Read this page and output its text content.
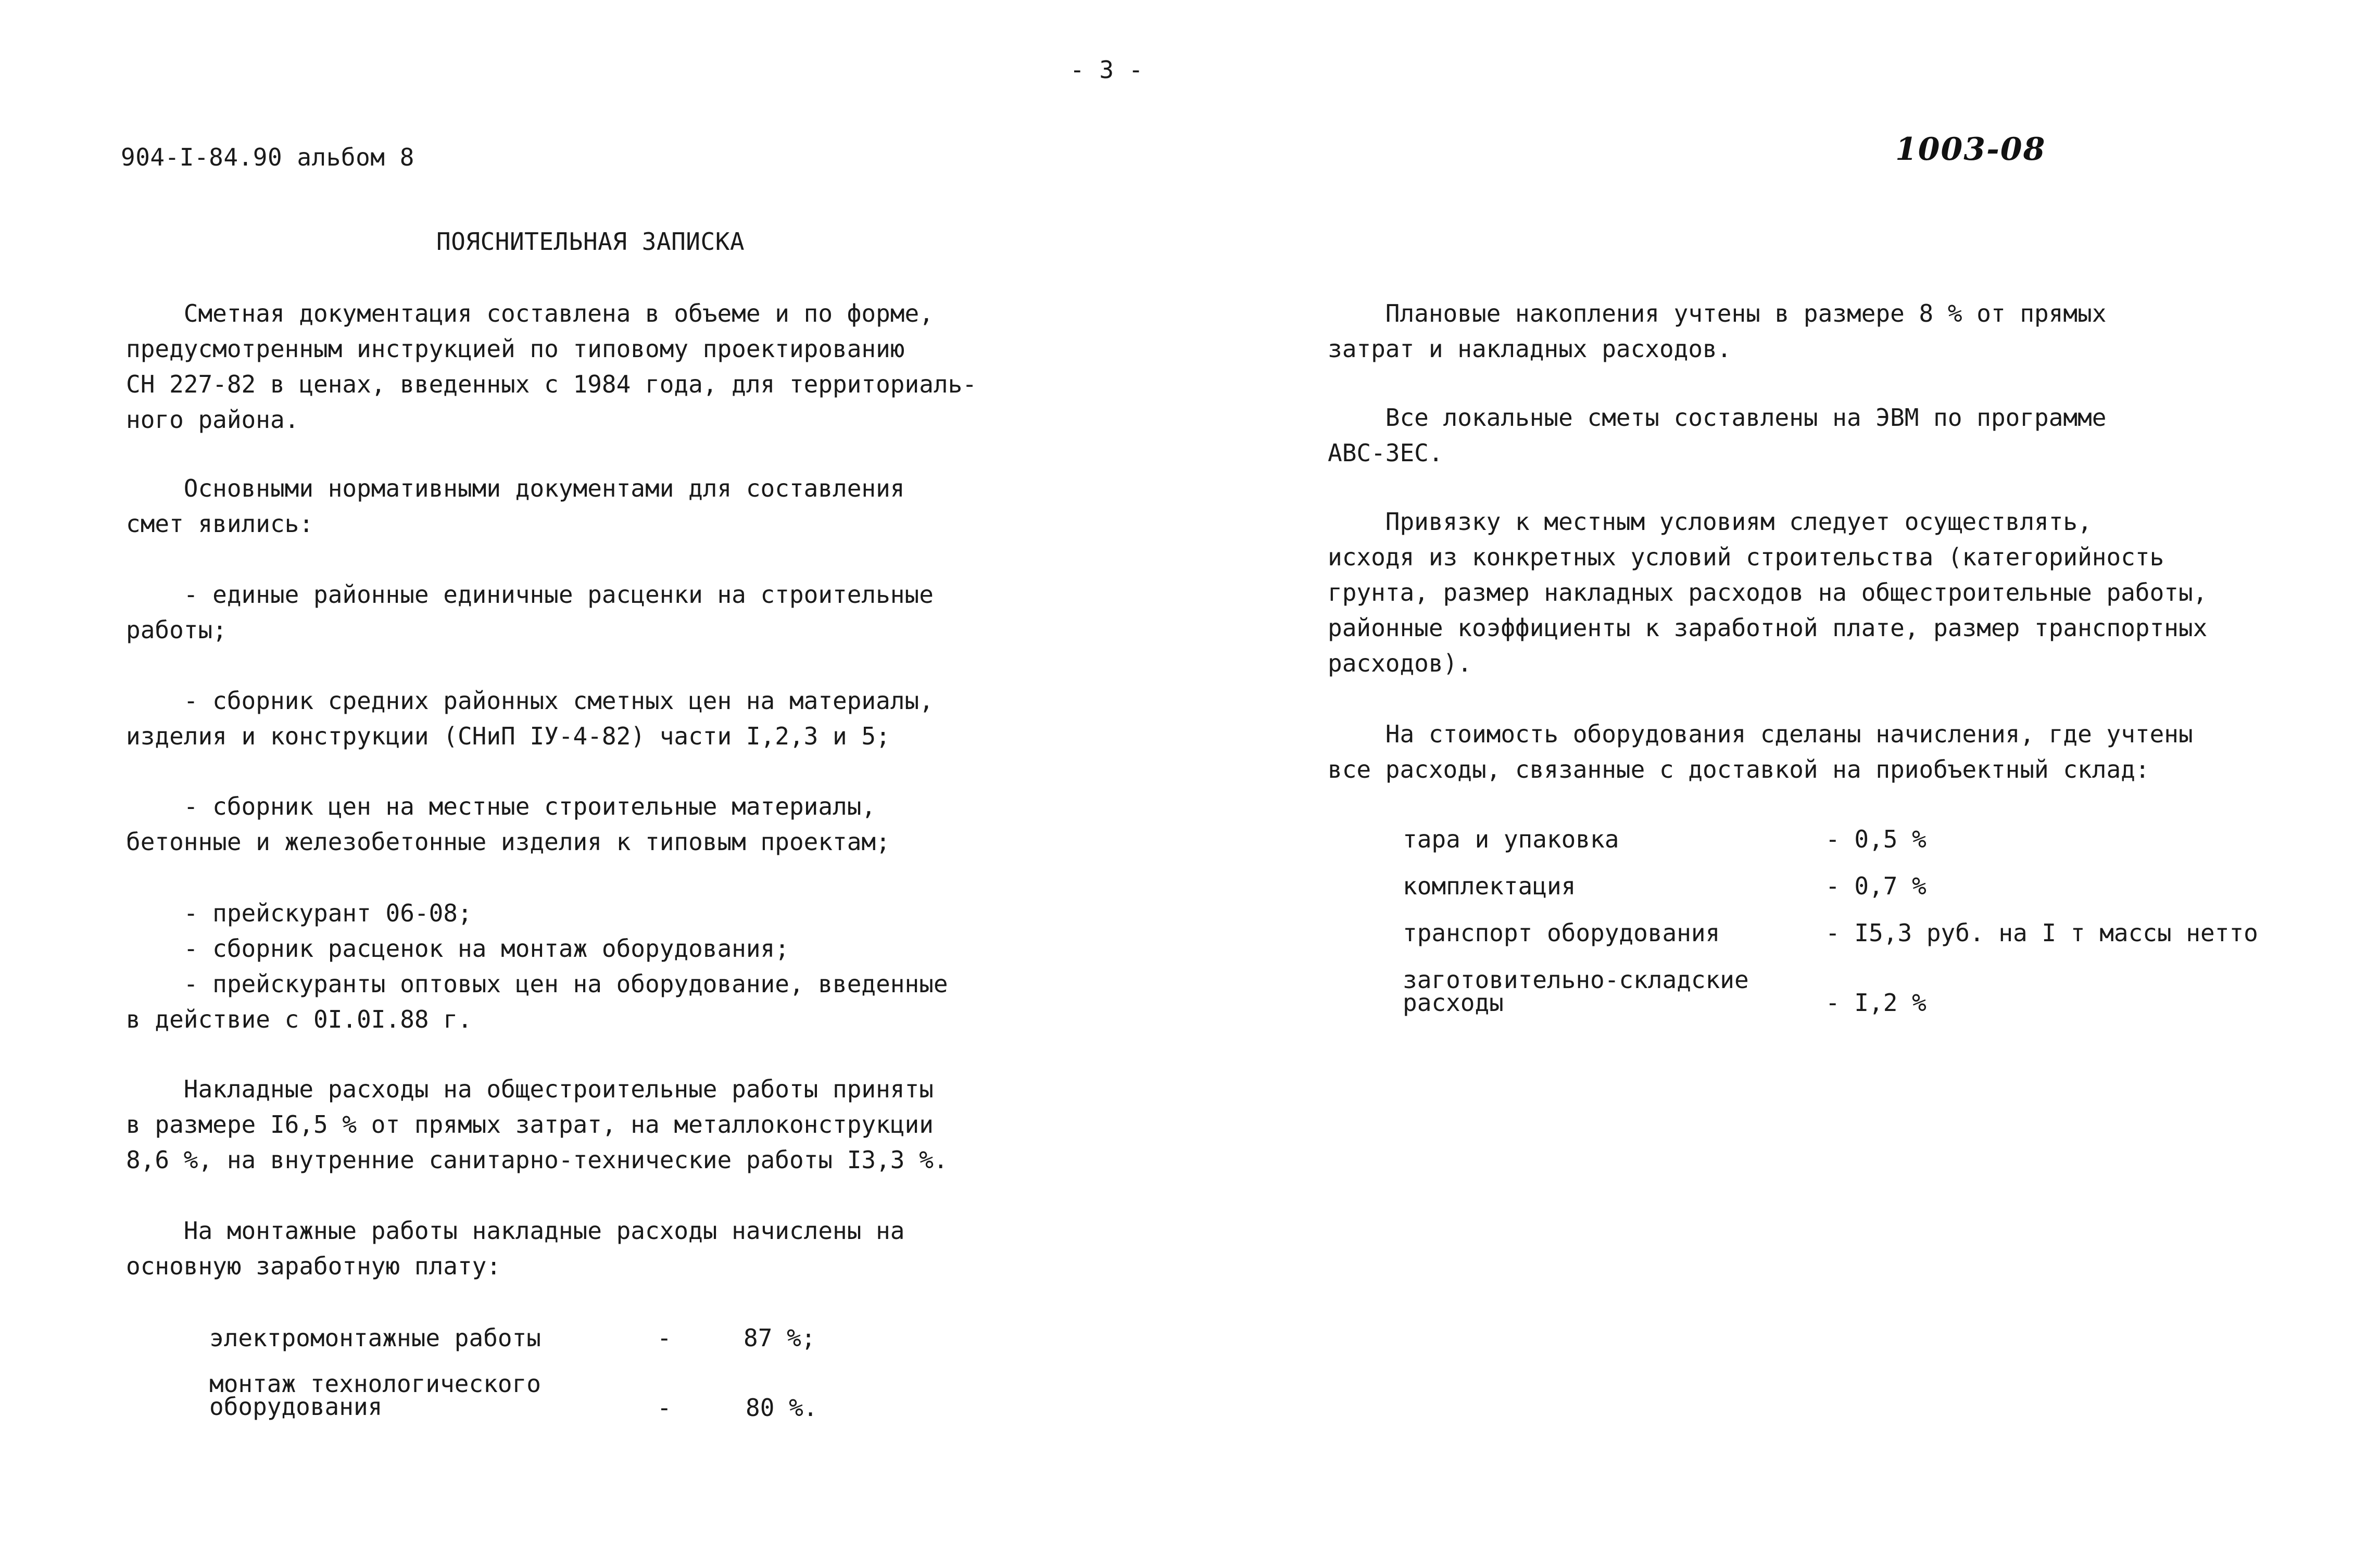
- 3 -
904-I-84.90 альбом 8	1003-08
ПОЯСНИТЕЛЬНАЯ ЗАПИСКА
Сметная документация составлена в объеме и по форме,
предусмотренным инструкцией по типовому проектированию
СН 227-82 в ценах, введенных с 1984 года, для территориаль-
ного района.
Основными нормативными документами для составления
смет явились:
- единые районные единичные расценки на строительные
работы;
- сборник средних районных сметных цен на материалы,
изделия и конструкции (СНиП IУ-4-82) части I,2,3 и 5;
- сборник цен на местные строительные материалы,
бетонные и железобетонные изделия к типовым проектам;
- прейскурант 06-08;
- сборник расценок на монтаж оборудования;
- прейскуранты оптовых цен на оборудование, введенные
в действие с 0I.0I.88 г.
Накладные расходы на общестроительные работы приняты
в размере I6,5 % от прямых затрат, на металлоконструкции
8,6 %, на внутренние санитарно-технические работы I3,3 %.
На монтажные работы накладные расходы начислены на
основную заработную плату:
электромонтажные работы	-	87 %;
монтаж технологического
оборудования	-	80 %.
Плановые накопления учтены в размере 8 % от прямых
затрат и накладных расходов.
Все локальные сметы составлены на ЭВМ по программе
АВС-ЗЕС.
Привязку к местным условиям следует осуществлять,
исходя из конкретных условий строительства (категорийность
грунта, размер накладных расходов на общестроительные работы,
районные коэффициенты к заработной плате, размер транспортных
расходов).
На стоимость оборудования сделаны начисления, где учтены
все расходы, связанные с доставкой на приобъектный склад:
тара и упаковка	- 0,5 %
комплектация	- 0,7 %
транспорт оборудования	- I5,3 руб. на I т массы нетто
заготовительно-складские
расходы	- I,2 %
